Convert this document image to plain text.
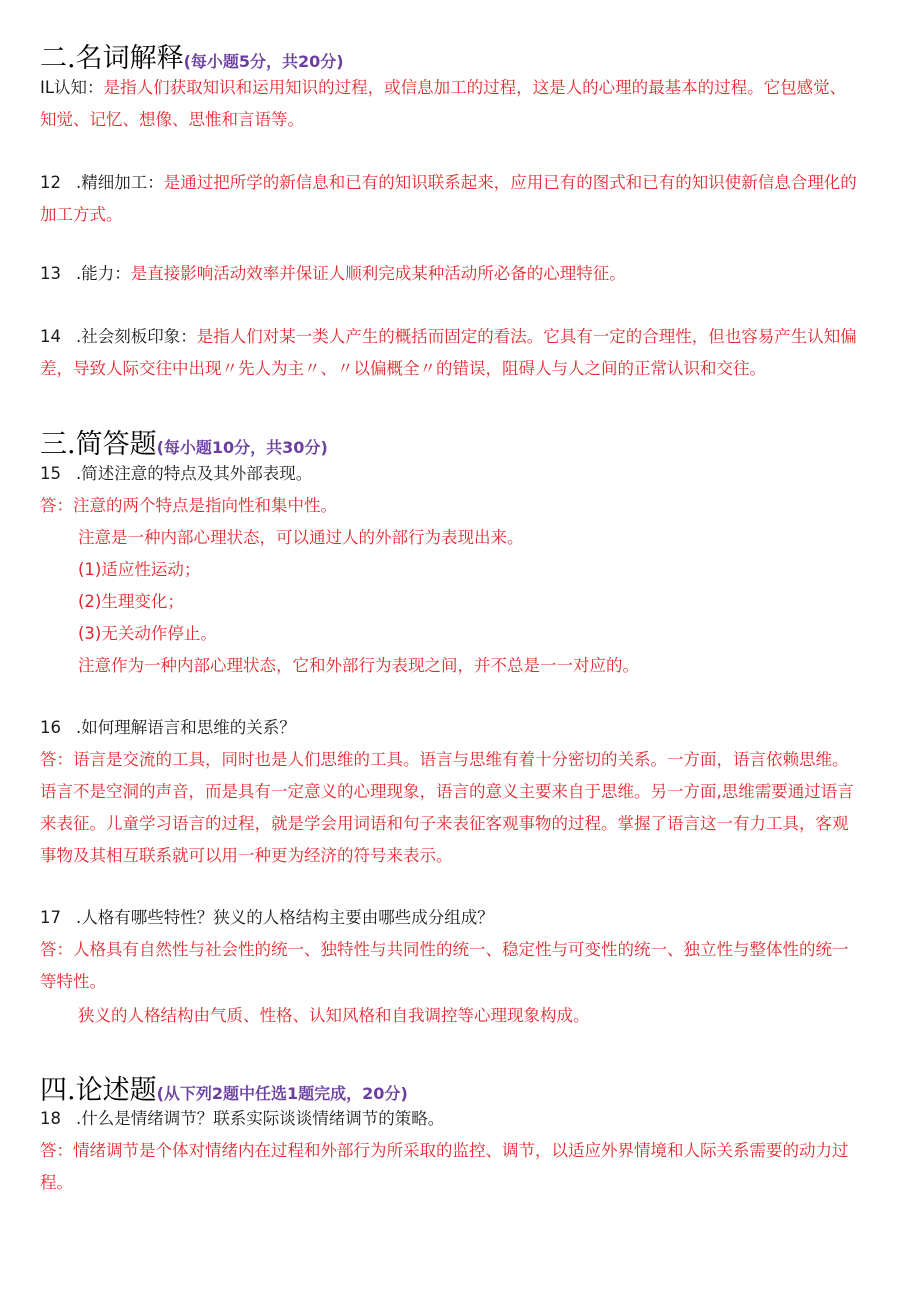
二.名词解释(每小题5分，共20分)
IL认知：是指人们获取知识和运用知识的过程，或信息加工的过程，这是人的心理的最基本的过程。它包感觉、
知觉、记忆、想像、思惟和言语等。
12 .精细加工：是通过把所学的新信息和已有的知识联系起来，应用已有的图式和已有的知识使新信息合理化的
加工方式。
13 .能力：是直接影响活动效率并保证人顺利完成某种活动所必备的心理特征。
14 .社会刻板印象：是指人们对某一类人产生的概括而固定的看法。它具有一定的合理性，但也容易产生认知偏
差，导致人际交往中出现〃先人为主〃、〃以偏概全〃的错误，阻碍人与人之间的正常认识和交往。
三.简答题(每小题10分，共30分)
15 .简述注意的特点及其外部表现。
答：注意的两个特点是指向性和集中性。
注意是一种内部心理状态，可以通过人的外部行为表现出来。
(1)适应性运动；
(2)生理变化；
(3)无关动作停止。
注意作为一种内部心理状态，它和外部行为表现之间，并不总是一一对应的。
16 .如何理解语言和思维的关系？
答：语言是交流的工具，同时也是人们思维的工具。语言与思维有着十分密切的关系。一方面，语言依赖思维。
语言不是空洞的声音，而是具有一定意义的心理现象，语言的意义主要来自于思维。另一方面,思维需要通过语言
来表征。儿童学习语言的过程，就是学会用词语和句子来表征客观事物的过程。掌握了语言这一有力工具，客观
事物及其相互联系就可以用一种更为经济的符号来表示。
17 .人格有哪些特性？狭义的人格结构主要由哪些成分组成？
答：人格具有自然性与社会性的统一、独特性与共同性的统一、稳定性与可变性的统一、独立性与整体性的统一
等特性。
狭义的人格结构由气质、性格、认知风格和自我调控等心理现象构成。
四.论述题(从下列2题中任选1题完成，20分)
18 .什么是情绪调节？联系实际谈谈情绪调节的策略。
答：情绪调节是个体对情绪内在过程和外部行为所采取的监控、调节，以适应外界情境和人际关系需要的动力过
程。
